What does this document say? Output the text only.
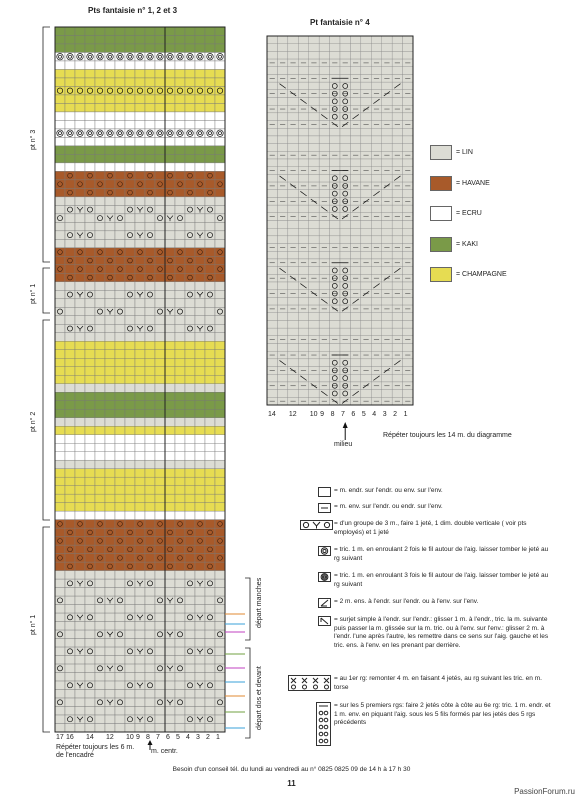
Pts fantaisie n° 1, 2 et 3
pt n° 3
pt n° 1
pt n° 2
pt n° 1
17 16 14 12 10 9 8 7 6 5 4 3 2 1
m. centr.
Répéter toujours les 6 m. de l'encadré
départ manches
départ dos et devant
Pt fantaisie n° 4
14 12 10 9 8 7 6 5 4 3 2 1
milieu
Répéter toujours les 14 m. du diagramme
= LIN
= HAVANE
= ECRU
= KAKI
= CHAMPAGNE
= m. endr. sur l'endr. ou env. sur l'env.
= m. env. sur l'endr. ou endr. sur l'env.
= d'un groupe de 3 m., faire 1 jeté, 1 dim. double verticale ( voir pts employés) et 1 jeté
= tric. 1 m. en enroulant 2 fois le fil autour de l'aig. laisser tomber le jeté au rg suivant
= tric. 1 m. en enroulant 3 fois le fil autour de l'aig. laisser tomber le jeté au rg suivant
= 2 m. ens. à l'endr. sur l'endr. ou à l'env. sur l'env.
= surjet simple à l'endr. sur l'endr.: glisser 1 m. à l'endr., tric. la m. suivante puis passer la m. glissée sur la m. tric. ou à l'env. sur l'env.: glisser 2 m. à l'endr. l'une après l'autre, les remettre dans ce sens sur l'aig. gauche et les tric. ens. à l'env. en les prenant par derrière.
= au 1er rg: remonter 4 m. en faisant 4 jetés, au rg suivant les tric. en m. torse
= sur les 5 premiers rgs: faire 2 jetés côte à côte au 6e rg: tric. 1 m. endr. et 1 m. env. en piquant l'aig. sous les 5 fils formés par les jetés des 5 rgs précédents
Besoin d'un conseil tél. du lundi au vendredi au n° 0825 0825 09 de 14 h à 17 h 30
11
PassionForum.ru
